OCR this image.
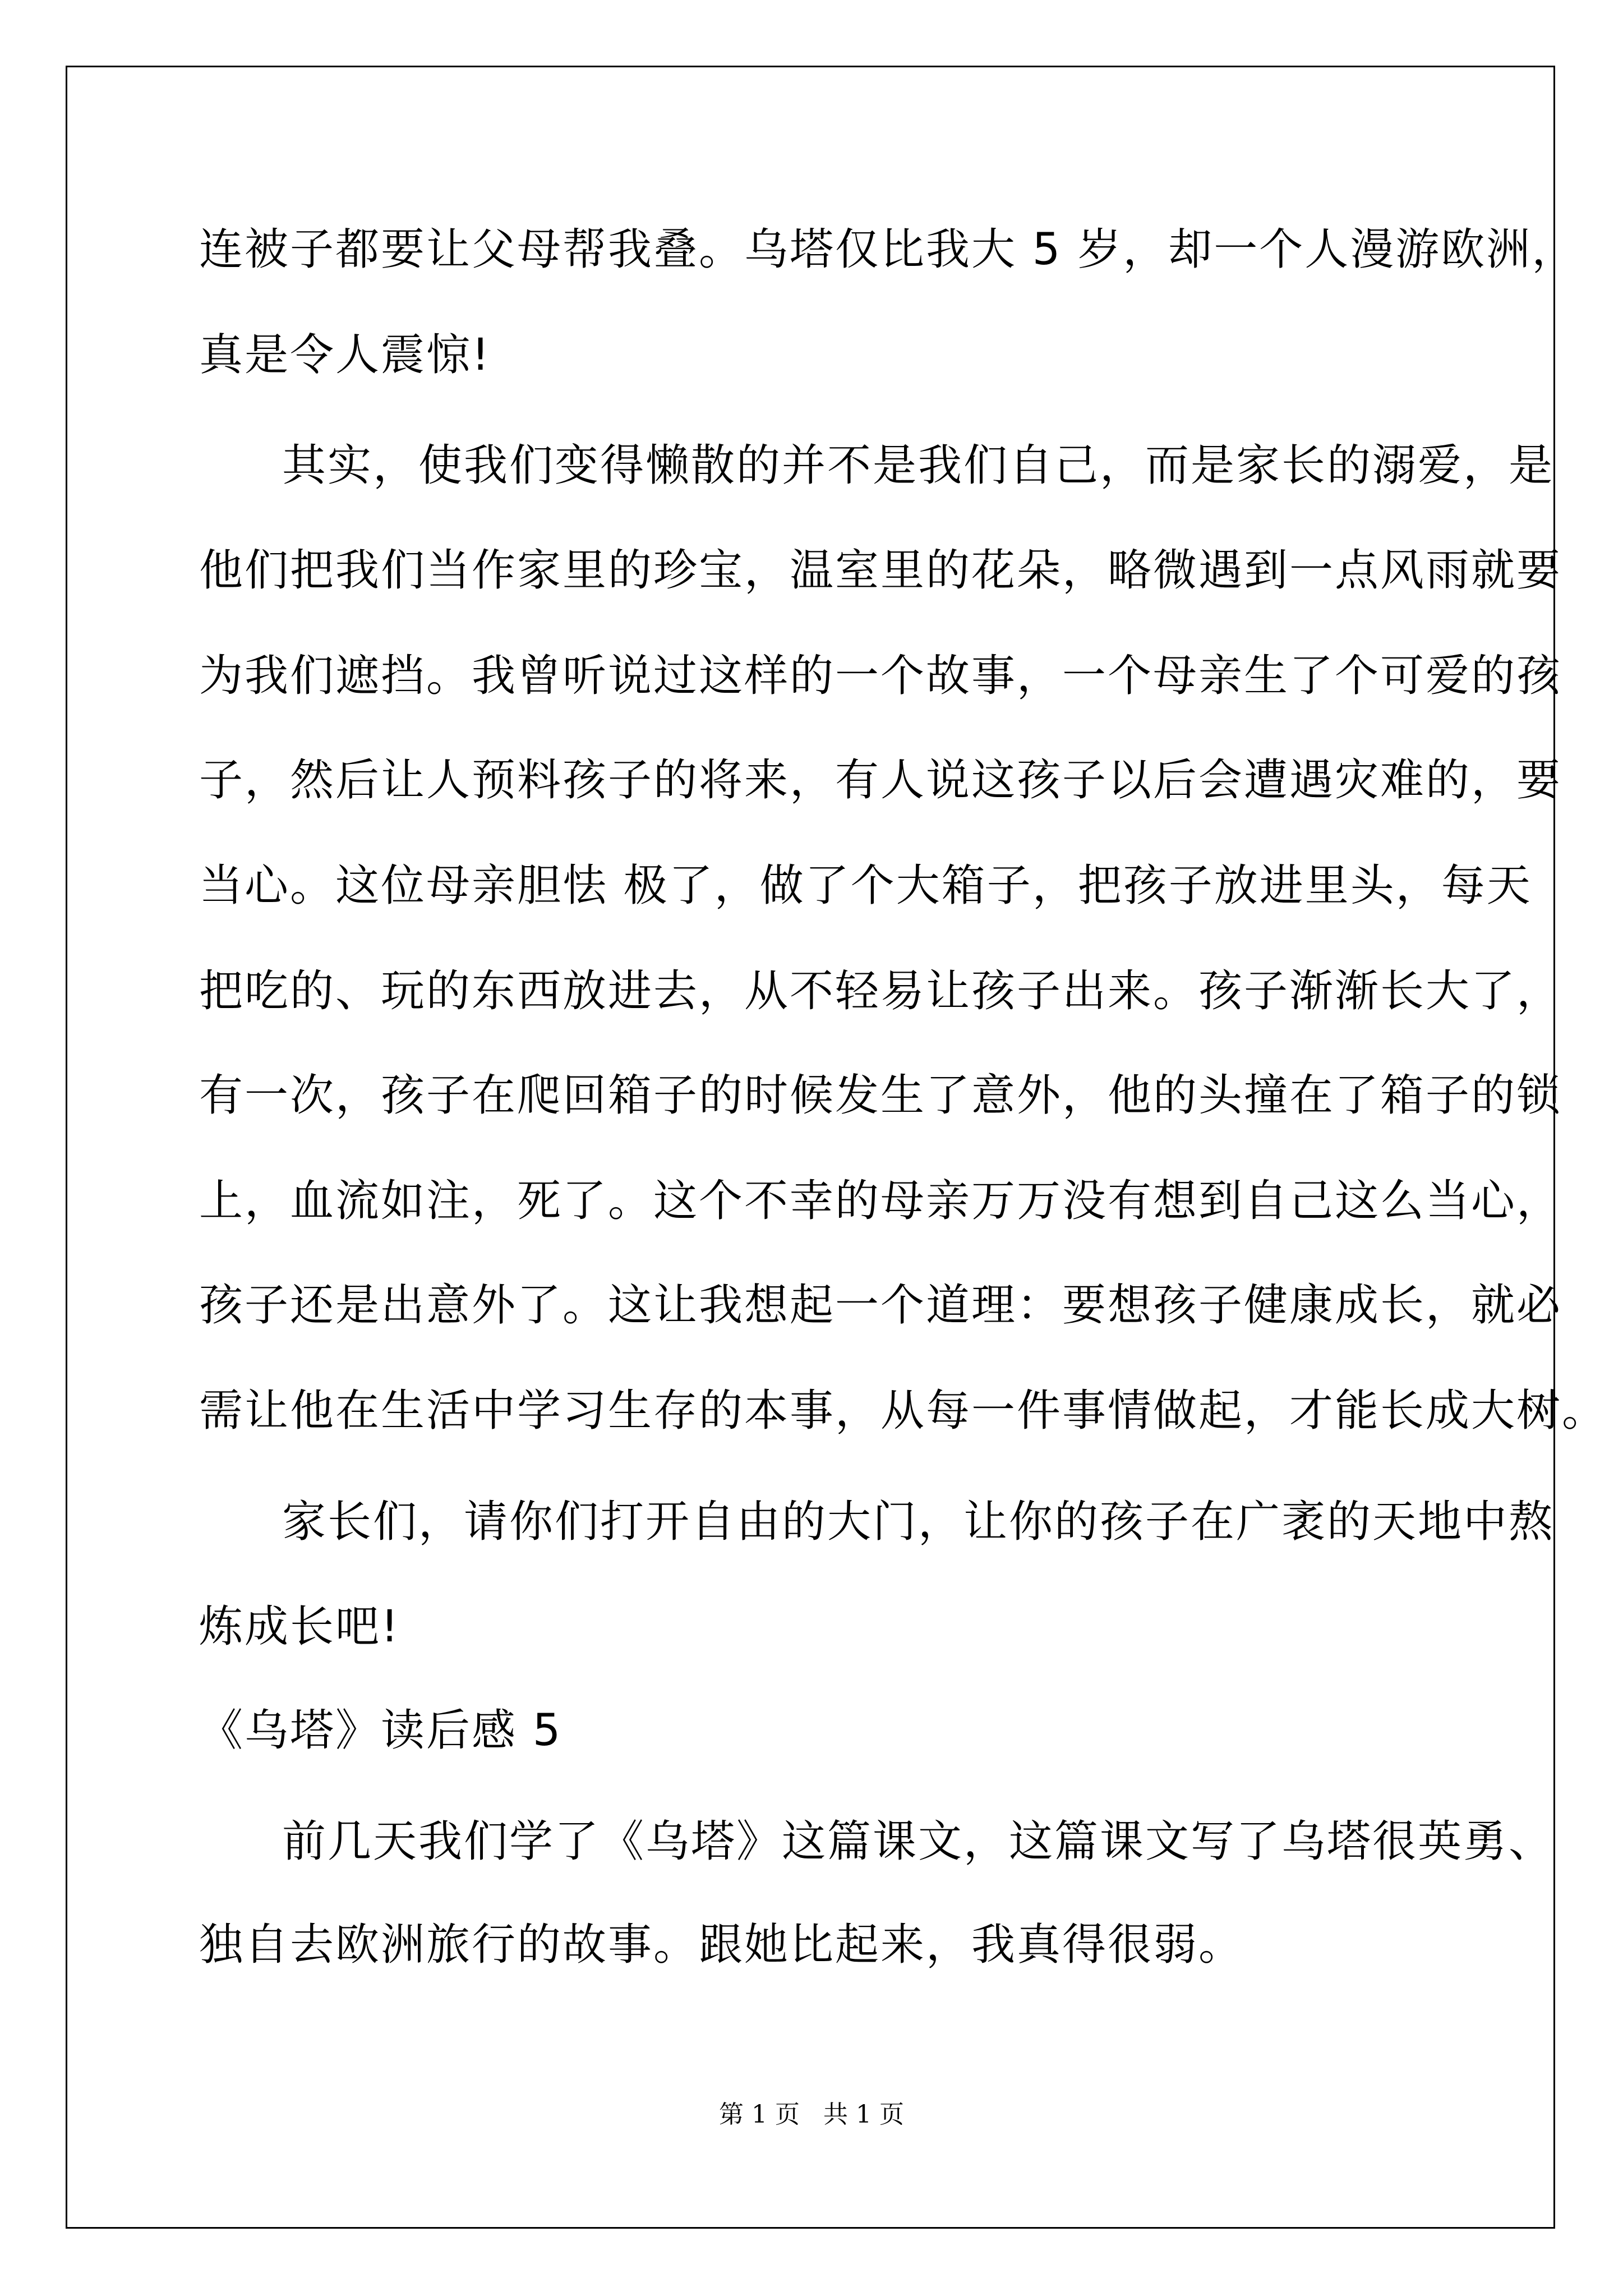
连被子都要让父母帮我叠。乌塔仅比我大 5 岁，却一个人漫游欧洲，
真是令人震惊!
其实，使我们变得懒散的并不是我们自己，而是家长的溺爱，是
他们把我们当作家里的珍宝，温室里的花朵，略微遇到一点风雨就要
为我们遮挡。我曾听说过这样的一个故事，一个母亲生了个可爱的孩
子，然后让人预料孩子的将来，有人说这孩子以后会遭遇灾难的，要
当心。这位母亲胆怯 极了，做了个大箱子，把孩子放进里头，每天
把吃的、玩的东西放进去，从不轻易让孩子出来。孩子渐渐长大了，
有一次，孩子在爬回箱子的时候发生了意外，他的头撞在了箱子的锁
上，血流如注，死了。这个不幸的母亲万万没有想到自己这么当心，
孩子还是出意外了。这让我想起一个道理：要想孩子健康成长，就必
需让他在生活中学习生存的本事，从每一件事情做起，才能长成大树。
家长们，请你们打开自由的大门，让你的孩子在广袤的天地中熬
炼成长吧!
《乌塔》读后感 5
前几天我们学了《乌塔》这篇课文，这篇课文写了乌塔很英勇、
独自去欧洲旅行的故事。跟她比起来，我真得很弱。
第 1 页   共 1 页
